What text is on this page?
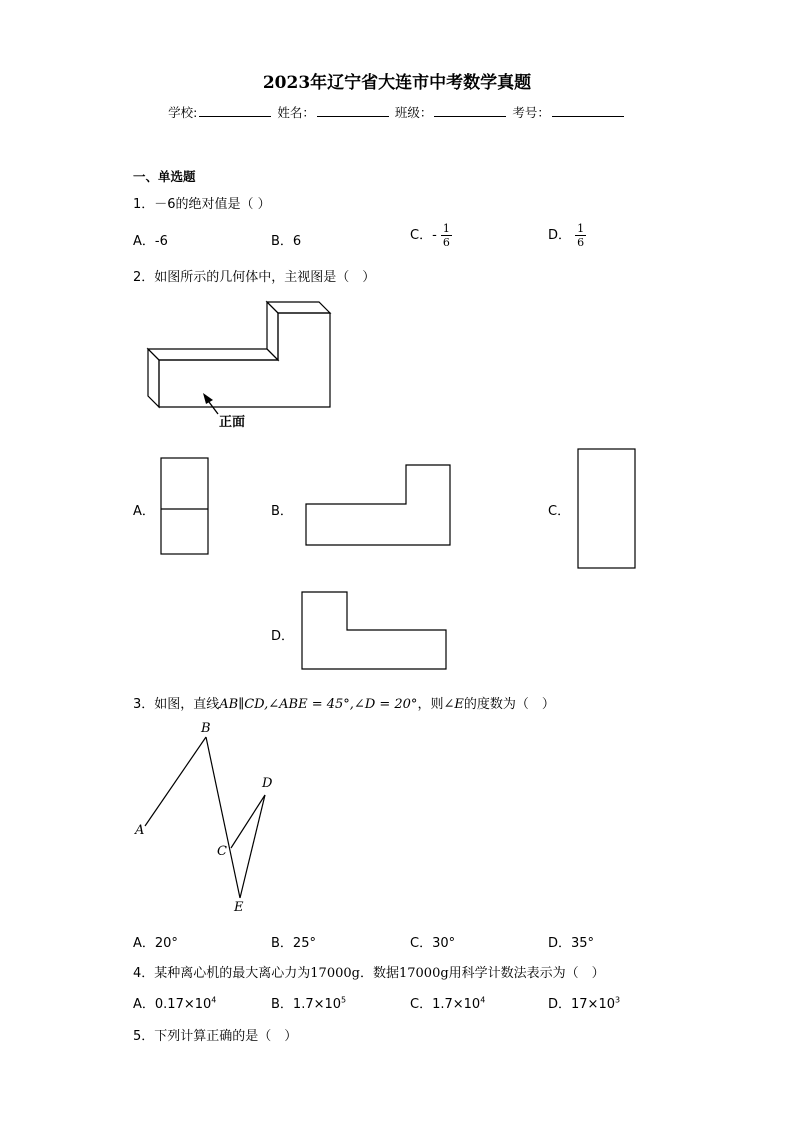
2023年辽宁省大连市中考数学真题
学校:	姓名：	班级：	考号：
一、单选题
1．－6的绝对值是（ ）
A．-6	B．6	C．- $\frac{1}{6}$	D． $\frac{1}{6}$
2．如图所示的几何体中，主视图是（　）
正面
A．	B．	C．
D．
3．如图，直线AB∥CD,∠ABE = 45°,∠D = 20°，则∠E的度数为（　）
A
B
C
D
E
A．20°	B．25°	C．30°	D．35°
4．某种离心机的最大离心力为17000g．数据17000g用科学计数法表示为（　）
A．$0.17\times 10^4$	B．$1.7\times 10^5$	C．$1.7\times 10^4$	D．$17\times 10^3$
5．下列计算正确的是（　）
